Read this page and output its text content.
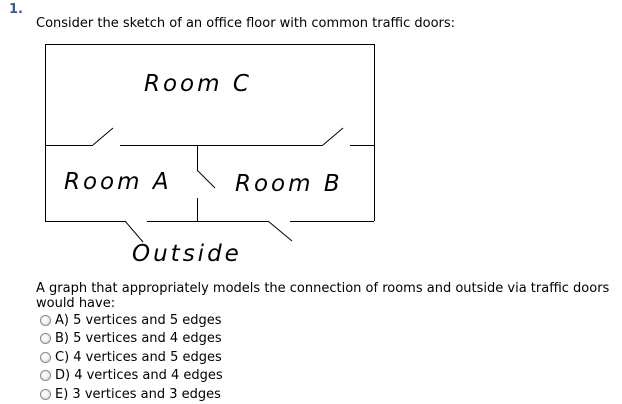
1.
Consider the sketch of an office floor with common traffic doors:
Room C
Room A	Room B
Outside
A graph that appropriately models the connection of rooms and outside via traffic doors would have:
A) 5 vertices and 5 edges
B) 5 vertices and 4 edges
C) 4 vertices and 5 edges
D) 4 vertices and 4 edges
E) 3 vertices and 3 edges
